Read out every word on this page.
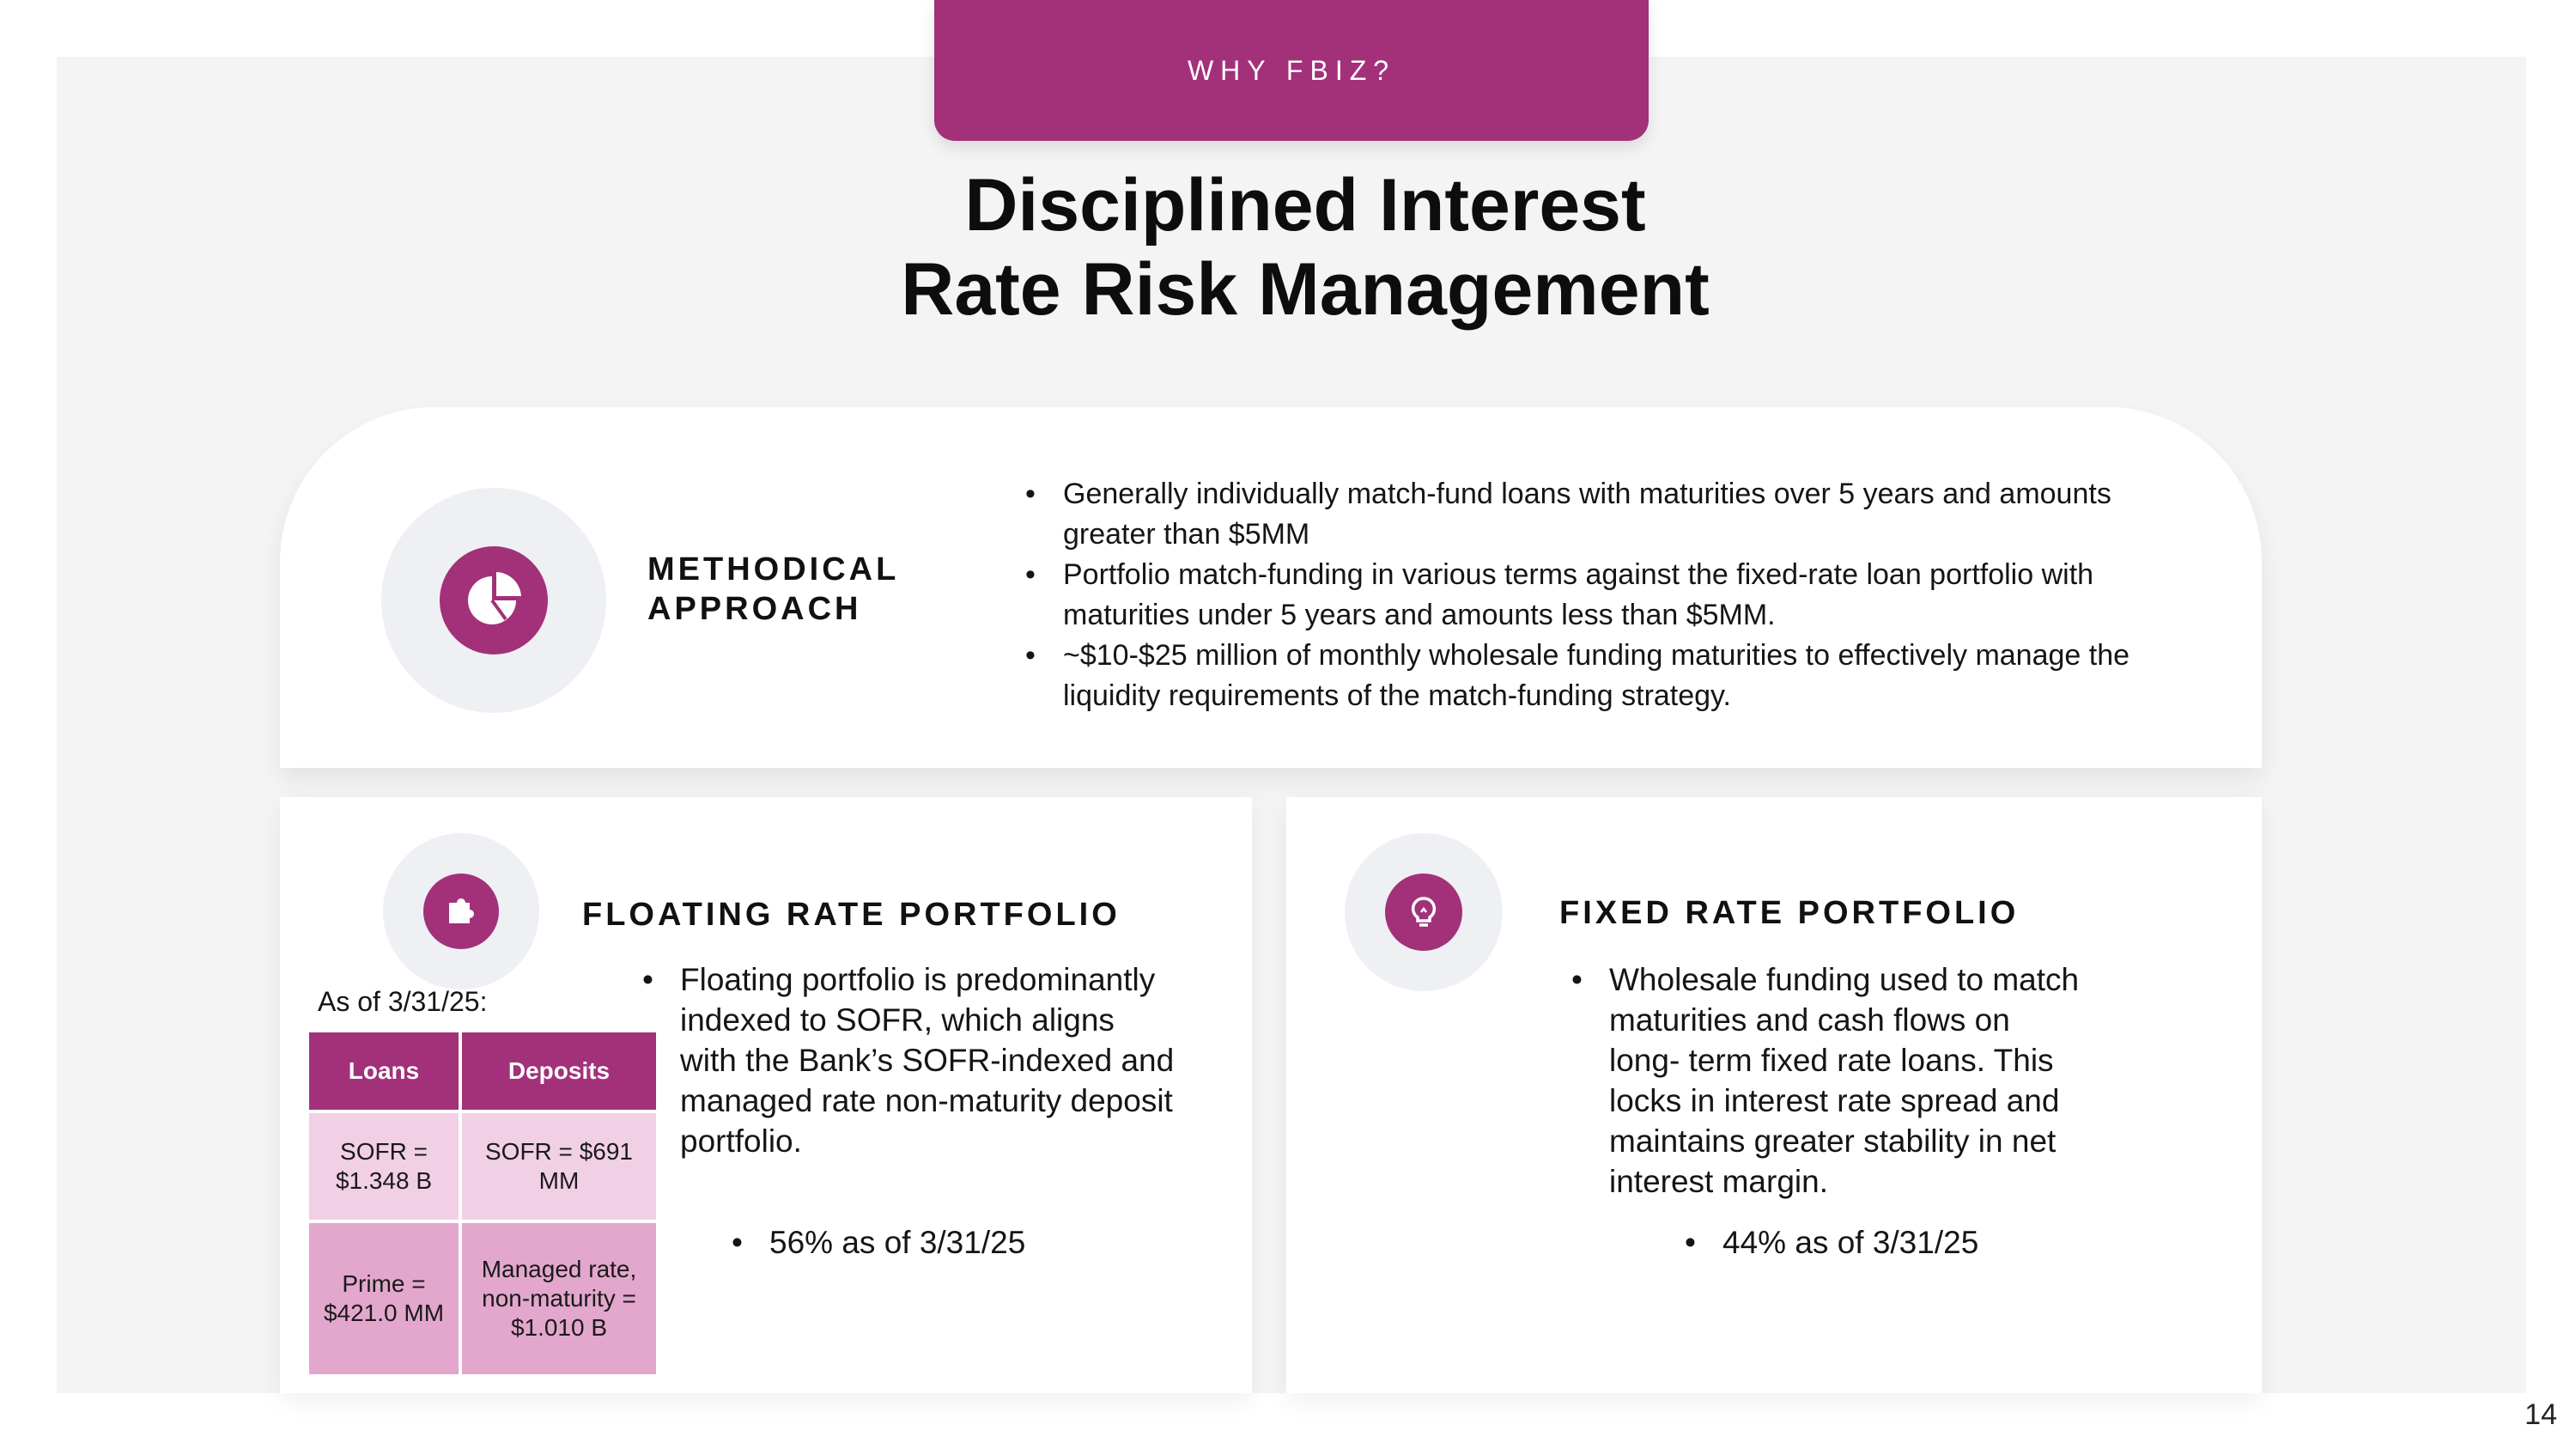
WHY FBIZ?
Disciplined Interest
Rate Risk Management
METHODICAL
APPROACH
• Generally individually match-fund loans with maturities over 5 years and amounts greater than $5MM
• Portfolio match-funding in various terms against the fixed-rate loan portfolio with maturities under 5 years and amounts less than $5MM.
• ~$10-$25 million of monthly wholesale funding maturities to effectively manage the liquidity requirements of the match-funding strategy.
FLOATING RATE PORTFOLIO
As of 3/31/25:
Loans	Deposits
SOFR = $1.348 B	SOFR = $691 MM
Prime = $421.0 MM	Managed rate, non-maturity = $1.010 B
• Floating portfolio is predominantly indexed to SOFR, which aligns with the Bank’s SOFR-indexed and managed rate non-maturity deposit portfolio.
• 56% as of 3/31/25
FIXED RATE PORTFOLIO
• Wholesale funding used to match maturities and cash flows on long- term fixed rate loans. This locks in interest rate spread and maintains greater stability in net interest margin.
• 44% as of 3/31/25
14
